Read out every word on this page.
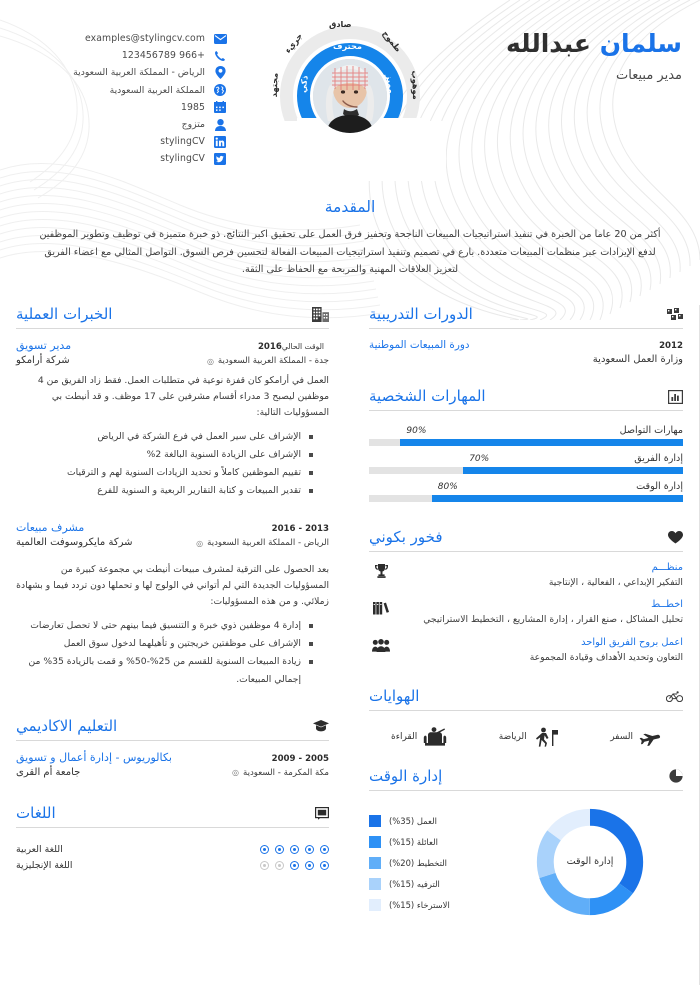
examples@stylingcv.com
+966 123456789
الرياض - المملكة العربية السعودية
المملكة العربية السعودية
1985
متزوج
stylingCV
stylingCV
صادق
طموح
موهوب
جريء
مجتهد
محترف
مميز
ذكي
سلمان عبدالله
مدير مبيعات
المقدمة

أكثر من 20 عاما من الخبرة في تنفيذ استراتيجيات المبيعات الناجحة وتحفيز فرق العمل على تحقيق اكبر النتائج. ذو خبرة متميزة في توظيف وتطوير الموظفين لدفع الإيرادات عبر منظمات المبيعات متعددة. بارع في تصميم وتنفيذ استراتيجيات المبيعات الفعالة لتحسين فرص السوق. التواصل المثالي مع اعضاء الفريق لتعزيز العلاقات المهنية والمربحة مع الحفاظ على الثقة.

الدورات التدريبية
2012
دورة المبيعات الموطنية
وزارة العمل السعودية
المهارات الشخصية
مهارات التواصل
90%
إدارة الفريق
70%
إدارة الوقت
80%
فخور بكوني
منظـــم
التفكير الإبداعي ، الفعالية ، الإنتاجية
اخطــط
تحليل المشاكل ، صنع القرار ، إدارة المشاريع ، التخطيط الاستراتيجي
اعمل بروح الفريق الواحد
التعاون وتحديد الأهداف وقيادة المجموعة
الهوايات
السفر
الرياضة
القراءة
إدارة الوقت
إدارة الوقت
العمل (35%)
العائلة (15%)
التخطيط (20%)
الترفيه (15%)
الاسترخاء (15%)
الخبرات العملية
الوقت الحالي2016
مدير تسويق
جدة - المملكة العربية السعودية
◎
شركة أرامكو
العمل في أرامكو كان قفزة نوعية في متطلبات العمل. فقط زاد الفريق من 4 موظفين ليصبح 3 مدراء أقسام مشرفين على 17 موظف. و قد أنيطت بي المسؤوليات التالية:
الإشراف على سير العمل في فرع الشركة في الرياض
الإشراف على الزيادة السنوية البالغة 2%
تقييم الموظفين كاملاً و تحديد الزيادات السنوية لهم و الترقيات
تقدير المبيعات و كتابة التقارير الربعية و السنوية للفرع
2013 - 2016
مشرف مبيعات
الرياض - المملكة العربية السعودية
◎
شركة مايكروسوفت العالمية
بعد الحصول على الترقية لمشرف مبيعات أنيطت بي مجموعة كبيرة من المسؤوليات الجديدة التي لم أتواني في الولوج لها و تحملها دون تردد فيما و بشهادة زملائي. و من هذه المسؤوليات:
إدارة 4 موظفين ذوي خبرة و التنسيق فيما بينهم حتى لا تحصل تعارضات
الإشراف على موظفتين خريجتين و تأهيلهما لدخول سوق العمل
زيادة المبيعات السنوية للقسم من 25%-50% و قمت بالزيادة 35% من إجمالي المبيعات.
التعليم الاكاديمي
2005 - 2009
بكالوريوس - إدارة أعمال و تسويق
مكة المكرمة - السعودية
◎
جامعة أم القرى
اللغات
اللغة العربية
اللغة الإنجليزية
